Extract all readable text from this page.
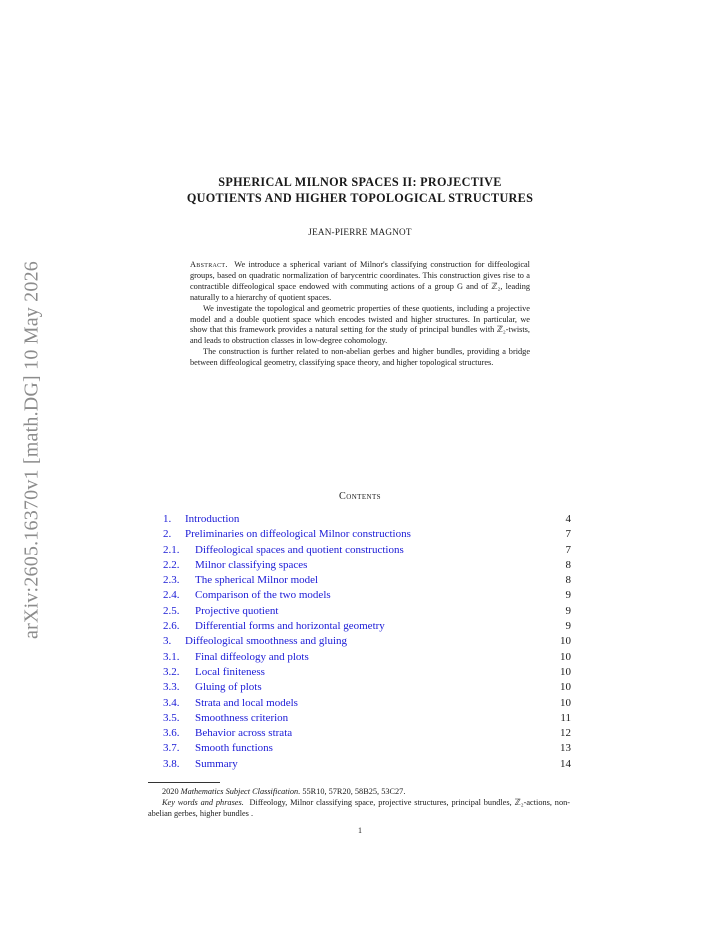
arXiv:2605.16370v1 [math.DG] 10 May 2026
SPHERICAL MILNOR SPACES II: PROJECTIVE
QUOTIENTS AND HIGHER TOPOLOGICAL STRUCTURES
JEAN-PIERRE MAGNOT

Abstract. We introduce a spherical variant of Milnor's classifying construction for diffeological groups, based on quadratic normalization of barycentric coordinates. This construction gives rise to a contractible diffeological space endowed with commuting actions of a group G and of ℤ₂, leading naturally to a hierarchy of quotient spaces.

We investigate the topological and geometric properties of these quotients, including a projective model and a double quotient space which encodes twisted and higher structures. In particular, we show that this framework provides a natural setting for the study of principal bundles with ℤ₂-twists, and leads to obstruction classes in low-degree cohomology.

The construction is further related to non-abelian gerbes and higher bundles, providing a bridge between diffeological geometry, classifying space theory, and higher topological structures.

Contents
1. Introduction	4
2. Preliminaries on diffeological Milnor constructions	7
2.1. Diffeological spaces and quotient constructions	7
2.2. Milnor classifying spaces	8
2.3. The spherical Milnor model	8
2.4. Comparison of the two models	9
2.5. Projective quotient	9
2.6. Differential forms and horizontal geometry	9
3. Diffeological smoothness and gluing	10
3.1. Final diffeology and plots	10
3.2. Local finiteness	10
3.3. Gluing of plots	10
3.4. Strata and local models	10
3.5. Smoothness criterion	11
3.6. Behavior across strata	12
3.7. Smooth functions	13
3.8. Summary	14

2020 Mathematics Subject Classification. 55R10, 57R20, 58B25, 53C27.

Key words and phrases. Diffeology, Milnor classifying space, projective structures, principal bundles, ℤ₂-actions, non-abelian gerbes, higher bundles .

1
